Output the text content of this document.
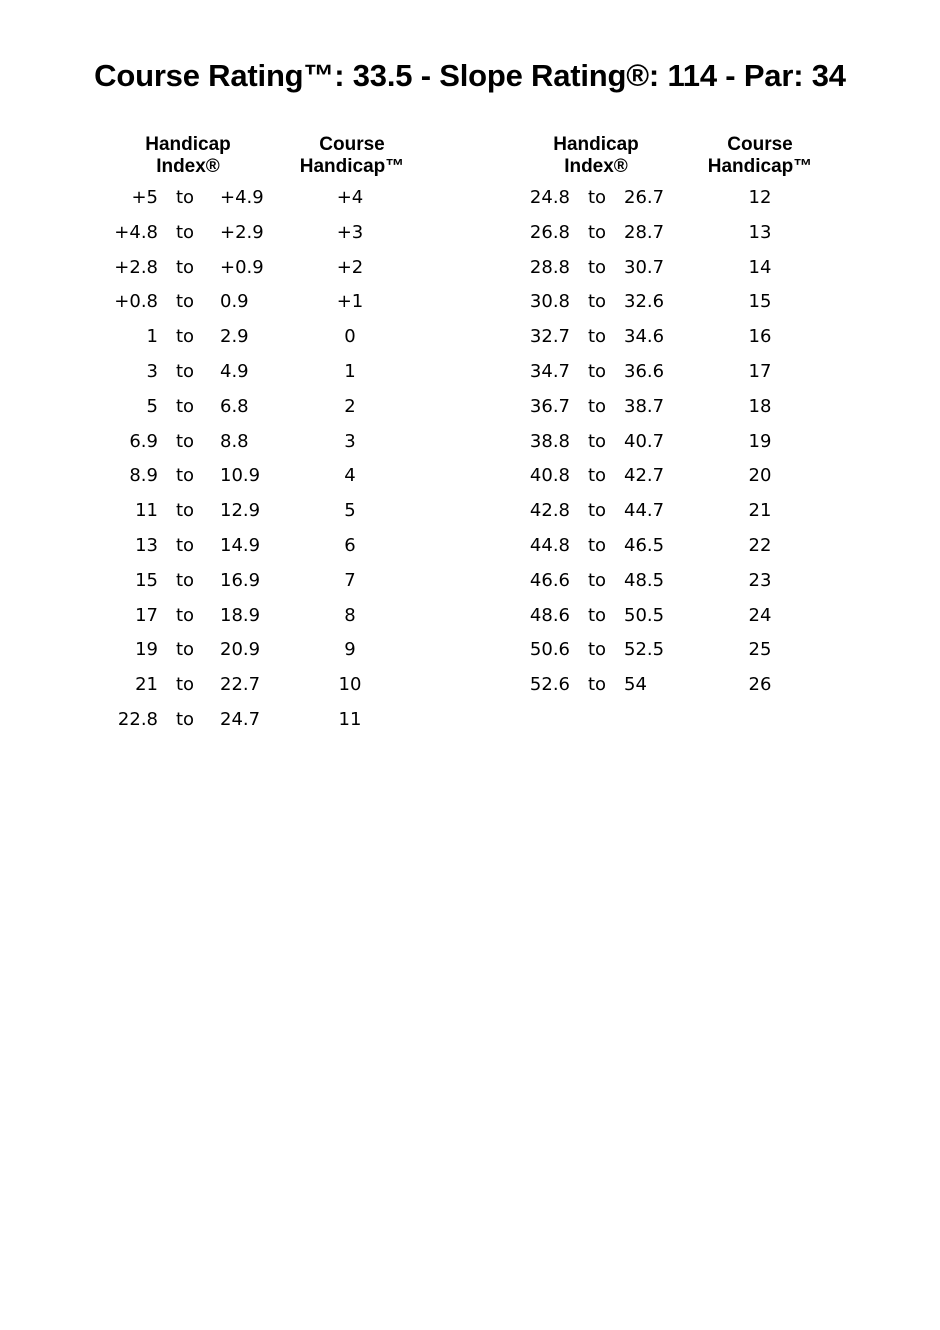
Course Rating™: 33.5 - Slope Rating®: 114 - Par: 34
Handicap
Index®
Course
Handicap™
Handicap
Index®
Course
Handicap™
+5 to	+4.9	+4
+4.8 to	+2.9	+3
+2.8 to	+0.9	+2
+0.8 to	0.9	+1
1 to	2.9	0
3 to	4.9	1
5 to	6.8	2
6.9 to	8.8	3
8.9 to	10.9	4
11 to	12.9	5
13 to	14.9	6
15 to	16.9	7
17 to	18.9	8
19 to	20.9	9
21 to	22.7	10
22.8 to	24.7	11
24.8 to 26.7	12
26.8 to 28.7	13
28.8 to 30.7	14
30.8 to 32.6	15
32.7 to 34.6	16
34.7 to 36.6	17
36.7 to 38.7	18
38.8 to 40.7	19
40.8 to 42.7	20
42.8 to 44.7	21
44.8 to 46.5	22
46.6 to 48.5	23
48.6 to 50.5	24
50.6 to 52.5	25
52.6 to 54	26
